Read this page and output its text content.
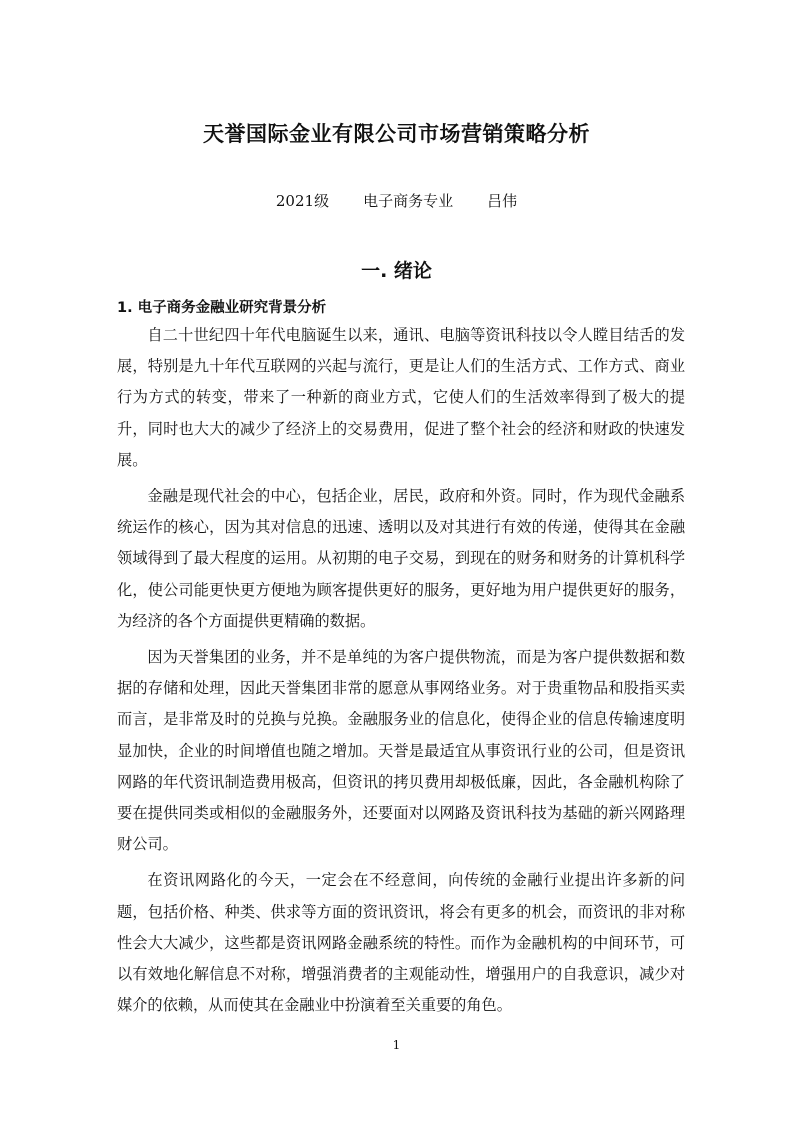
天誉国际金业有限公司市场营销策略分析
2021级 电子商务专业 吕伟
一. 绪论
1. 电子商务金融业研究背景分析

自二十世纪四十年代电脑诞生以来，通讯、电脑等资讯科技以令人瞠目结舌的发展，特别是九十年代互联网的兴起与流行，更是让人们的生活方式、工作方式、商业行为方式的转变，带来了一种新的商业方式，它使人们的生活效率得到了极大的提升，同时也大大的减少了经济上的交易费用，促进了整个社会的经济和财政的快速发展。

金融是现代社会的中心，包括企业，居民，政府和外资。同时，作为现代金融系统运作的核心，因为其对信息的迅速、透明以及对其进行有效的传递，使得其在金融领域得到了最大程度的运用。从初期的电子交易，到现在的财务和财务的计算机科学化，使公司能更快更方便地为顾客提供更好的服务，更好地为用户提供更好的服务，为经济的各个方面提供更精确的数据。

因为天誉集团的业务，并不是单纯的为客户提供物流，而是为客户提供数据和数据的存储和处理，因此天誉集团非常的愿意从事网络业务。对于贵重物品和股指买卖而言，是非常及时的兑换与兑换。金融服务业的信息化，使得企业的信息传输速度明显加快，企业的时间增值也随之增加。天誉是最适宜从事资讯行业的公司，但是资讯网路的年代资讯制造费用极高，但资讯的拷贝费用却极低廉，因此，各金融机构除了要在提供同类或相似的金融服务外，还要面对以网路及资讯科技为基础的新兴网路理财公司。

在资讯网路化的今天，一定会在不经意间，向传统的金融行业提出许多新的问题，包括价格、种类、供求等方面的资讯资讯，将会有更多的机会，而资讯的非对称性会大大减少，这些都是资讯网路金融系统的特性。而作为金融机构的中间环节，可以有效地化解信息不对称，增强消费者的主观能动性，增强用户的自我意识，减少对媒介的依赖，从而使其在金融业中扮演着至关重要的角色。

1
